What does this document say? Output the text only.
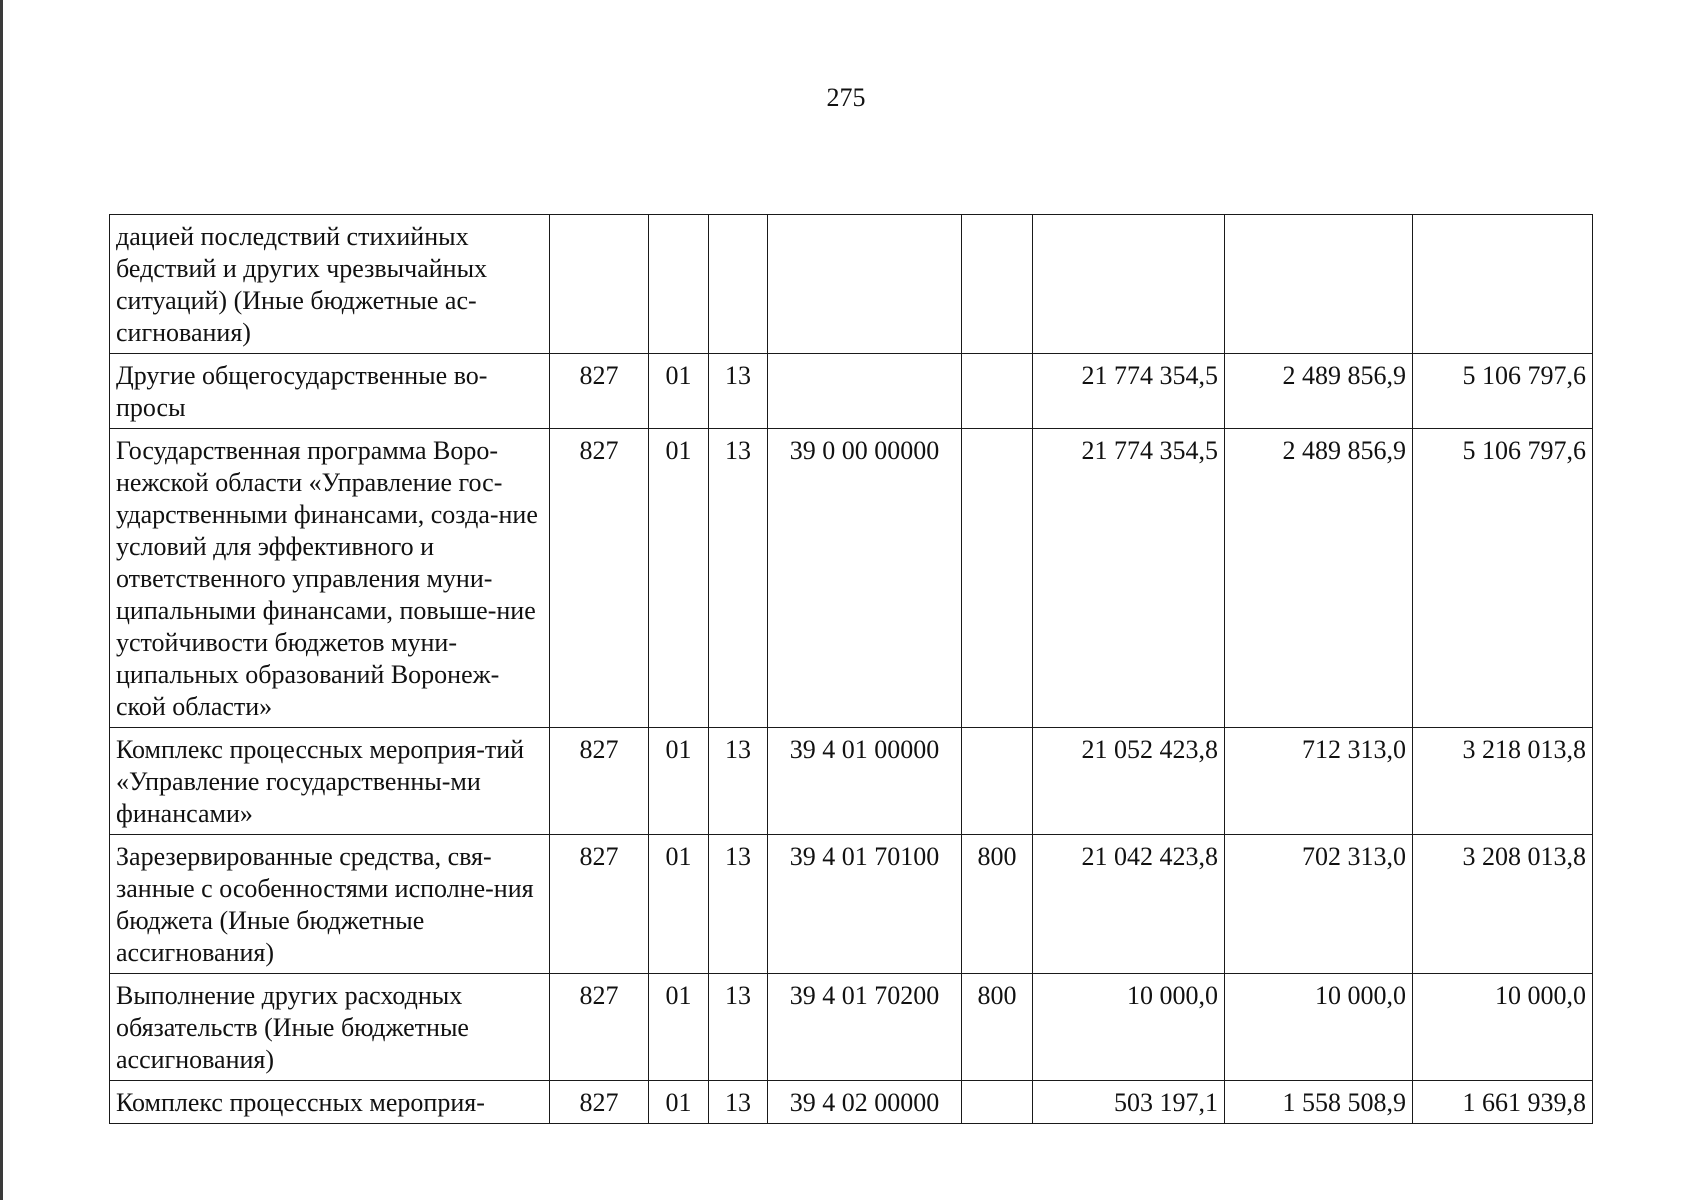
275
дацией последствий стихийных бедствий и других чрезвычайных ситуаций) (Иные бюджетные ас-сигнования)								
Другие общегосударственные во-просы	827	01	13			21 774 354,5	2 489 856,9	5 106 797,6
Государственная программа Воро-нежской области «Управление гос-ударственными финансами, созда-ние условий для эффективного и ответственного управления муни-ципальными финансами, повыше-ние устойчивости бюджетов муни-ципальных образований Воронеж-ской области»	827	01	13	39 0 00 00000		21 774 354,5	2 489 856,9	5 106 797,6
Комплекс процессных мероприя-тий «Управление государственны-ми финансами»	827	01	13	39 4 01 00000		21 052 423,8	712 313,0	3 218 013,8
Зарезервированные средства, свя-занные с особенностями исполне-ния бюджета (Иные бюджетные ассигнования)	827	01	13	39 4 01 70100	800	21 042 423,8	702 313,0	3 208 013,8
Выполнение других расходных обязательств (Иные бюджетные ассигнования)	827	01	13	39 4 01 70200	800	10 000,0	10 000,0	10 000,0
Комплекс процессных мероприя-	827	01	13	39 4 02 00000		503 197,1	1 558 508,9	1 661 939,8
